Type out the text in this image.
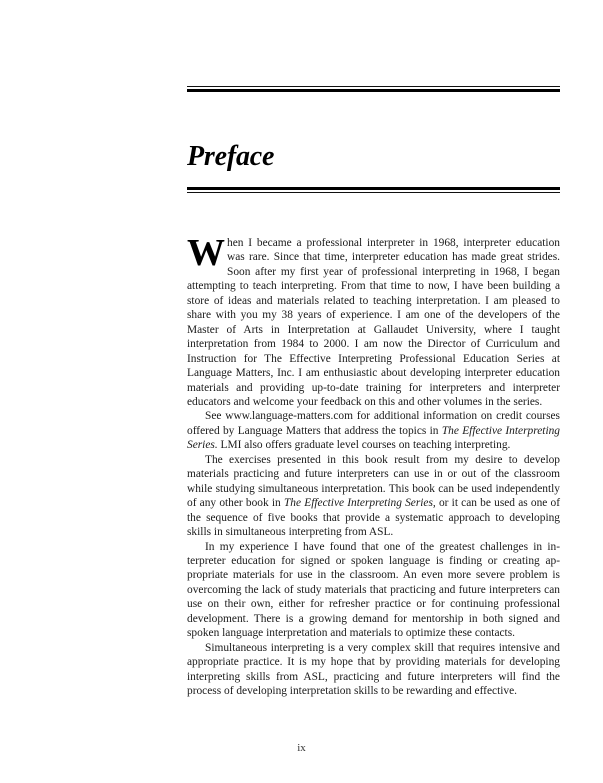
Preface

When I became a professional interpreter in 1968, interpreter education was rare. Since that time, interpreter education has made great strides. Soon after my first year of professional interpreting in 1968, I began attempting to teach interpreting. From that time to now, I have been building a store of ideas and materials related to teaching interpretation. I am pleased to share with you my 38 years of experience. I am one of the developers of the Master of Arts in Interpretation at Gallaudet University, where I taught interpretation from 1984 to 2000. I am now the Director of Curriculum and Instruction for The Effective Interpreting Professional Education Series at Language Matters, Inc. I am enthusiastic about developing interpreter education materials and providing up-to-date training for interpreters and interpreter educators and welcome your feedback on this and other volumes in the series.

See www.language-matters.com for additional information on credit courses offered by Language Matters that address the topics in The Effective Interpreting Series. LMI also offers graduate level courses on teaching interpreting.

The exercises presented in this book result from my desire to develop materials practicing and future interpreters can use in or out of the classroom while studying simultaneous interpretation. This book can be used independently of any other book in The Effective Interpreting Series, or it can be used as one of the sequence of five books that provide a systematic approach to developing skills in simultaneous interpreting from ASL.

In my experience I have found that one of the greatest challenges in interpreter education for signed or spoken language is finding or creating appropriate materials for use in the classroom. An even more severe problem is overcoming the lack of study materials that practicing and future interpreters can use on their own, either for refresher practice or for continuing professional development. There is a growing demand for mentorship in both signed and spoken language interpretation and materials to optimize these contacts.

Simultaneous interpreting is a very complex skill that requires intensive and appropriate practice. It is my hope that by providing materials for developing interpreting skills from ASL, practicing and future interpreters will find the process of developing interpretation skills to be rewarding and effective.

ix
